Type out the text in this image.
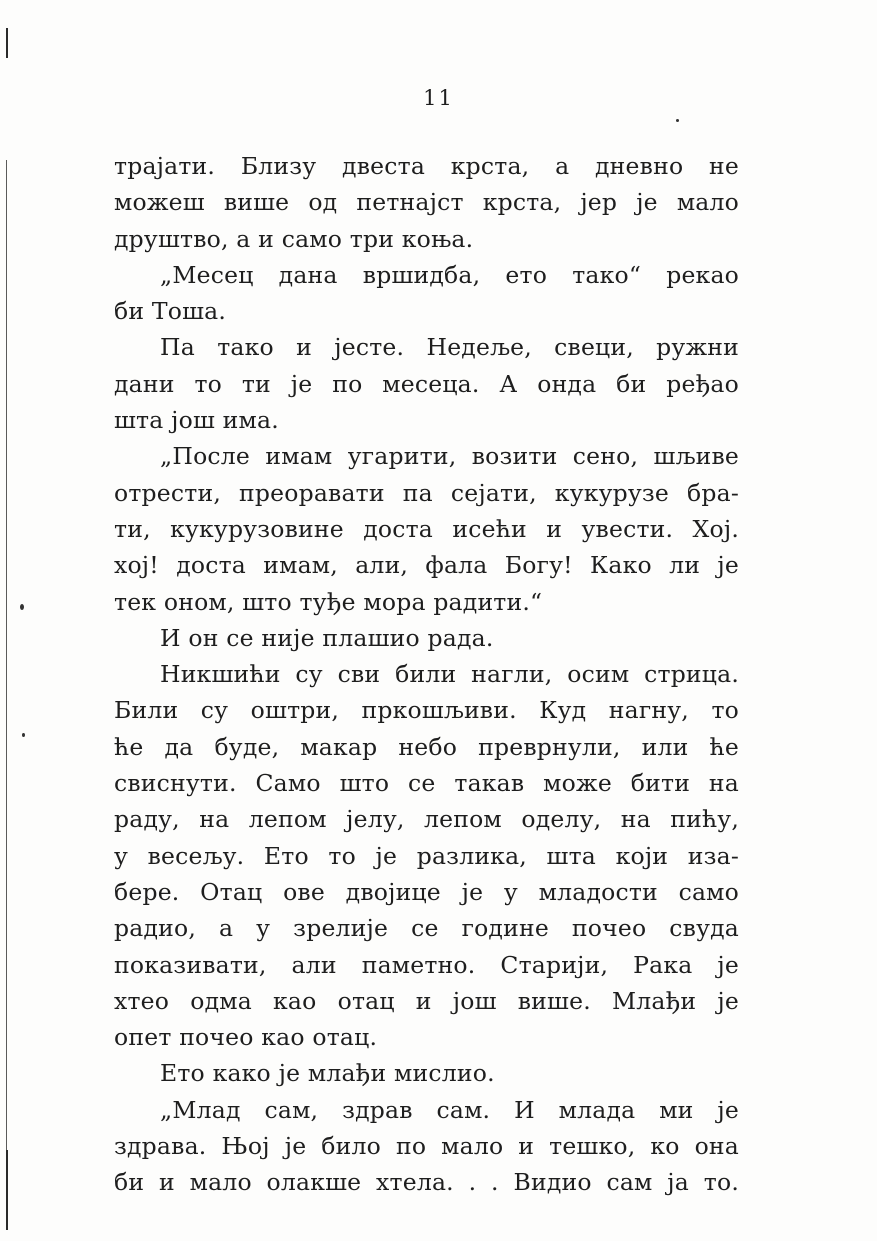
11
трајати. Близу двеста крста, а дневно не
можеш више од петнајст крста, јер је мало
друштво, а и само три коња.
„Месец дана вршидба, ето тако“ рекао
би Тоша.
Па тако и јесте. Недеље, свеци, ружни
дани то ти је по месеца. А онда би ређао
шта још има.
„После имам угарити, возити сено, шљиве
отрести, преоравати па сејати, кукурузе бра-
ти, кукурузовине доста исећи и увести. Хој.
хој! доста имам, али, фала Богу! Како ли је
тек оном, што туђе мора радити.“
И он се није плашио рада.
Никшићи су сви били нагли, осим стрица.
Били су оштри, пркошљиви. Куд нагну, то
ће да буде, макар небо преврнули, или ће
свиснути. Само што се такав може бити на
раду, на лепом јелу, лепом оделу, на пићу,
у весељу. Ето то је разлика, шта који иза-
бере. Отац ове двојице је у младости само
радио, а у зрелије се године почео свуда
показивати, али паметно. Старији, Рака је
хтео одма као отац и још више. Млађи је
опет почео као отац.
Ето како је млађи мислио.
„Млад сам, здрав сам. И млада ми је
здрава. Њој је било по мало и тешко, ко она
би и мало олакше хтела. . . Видио сам ја то.
